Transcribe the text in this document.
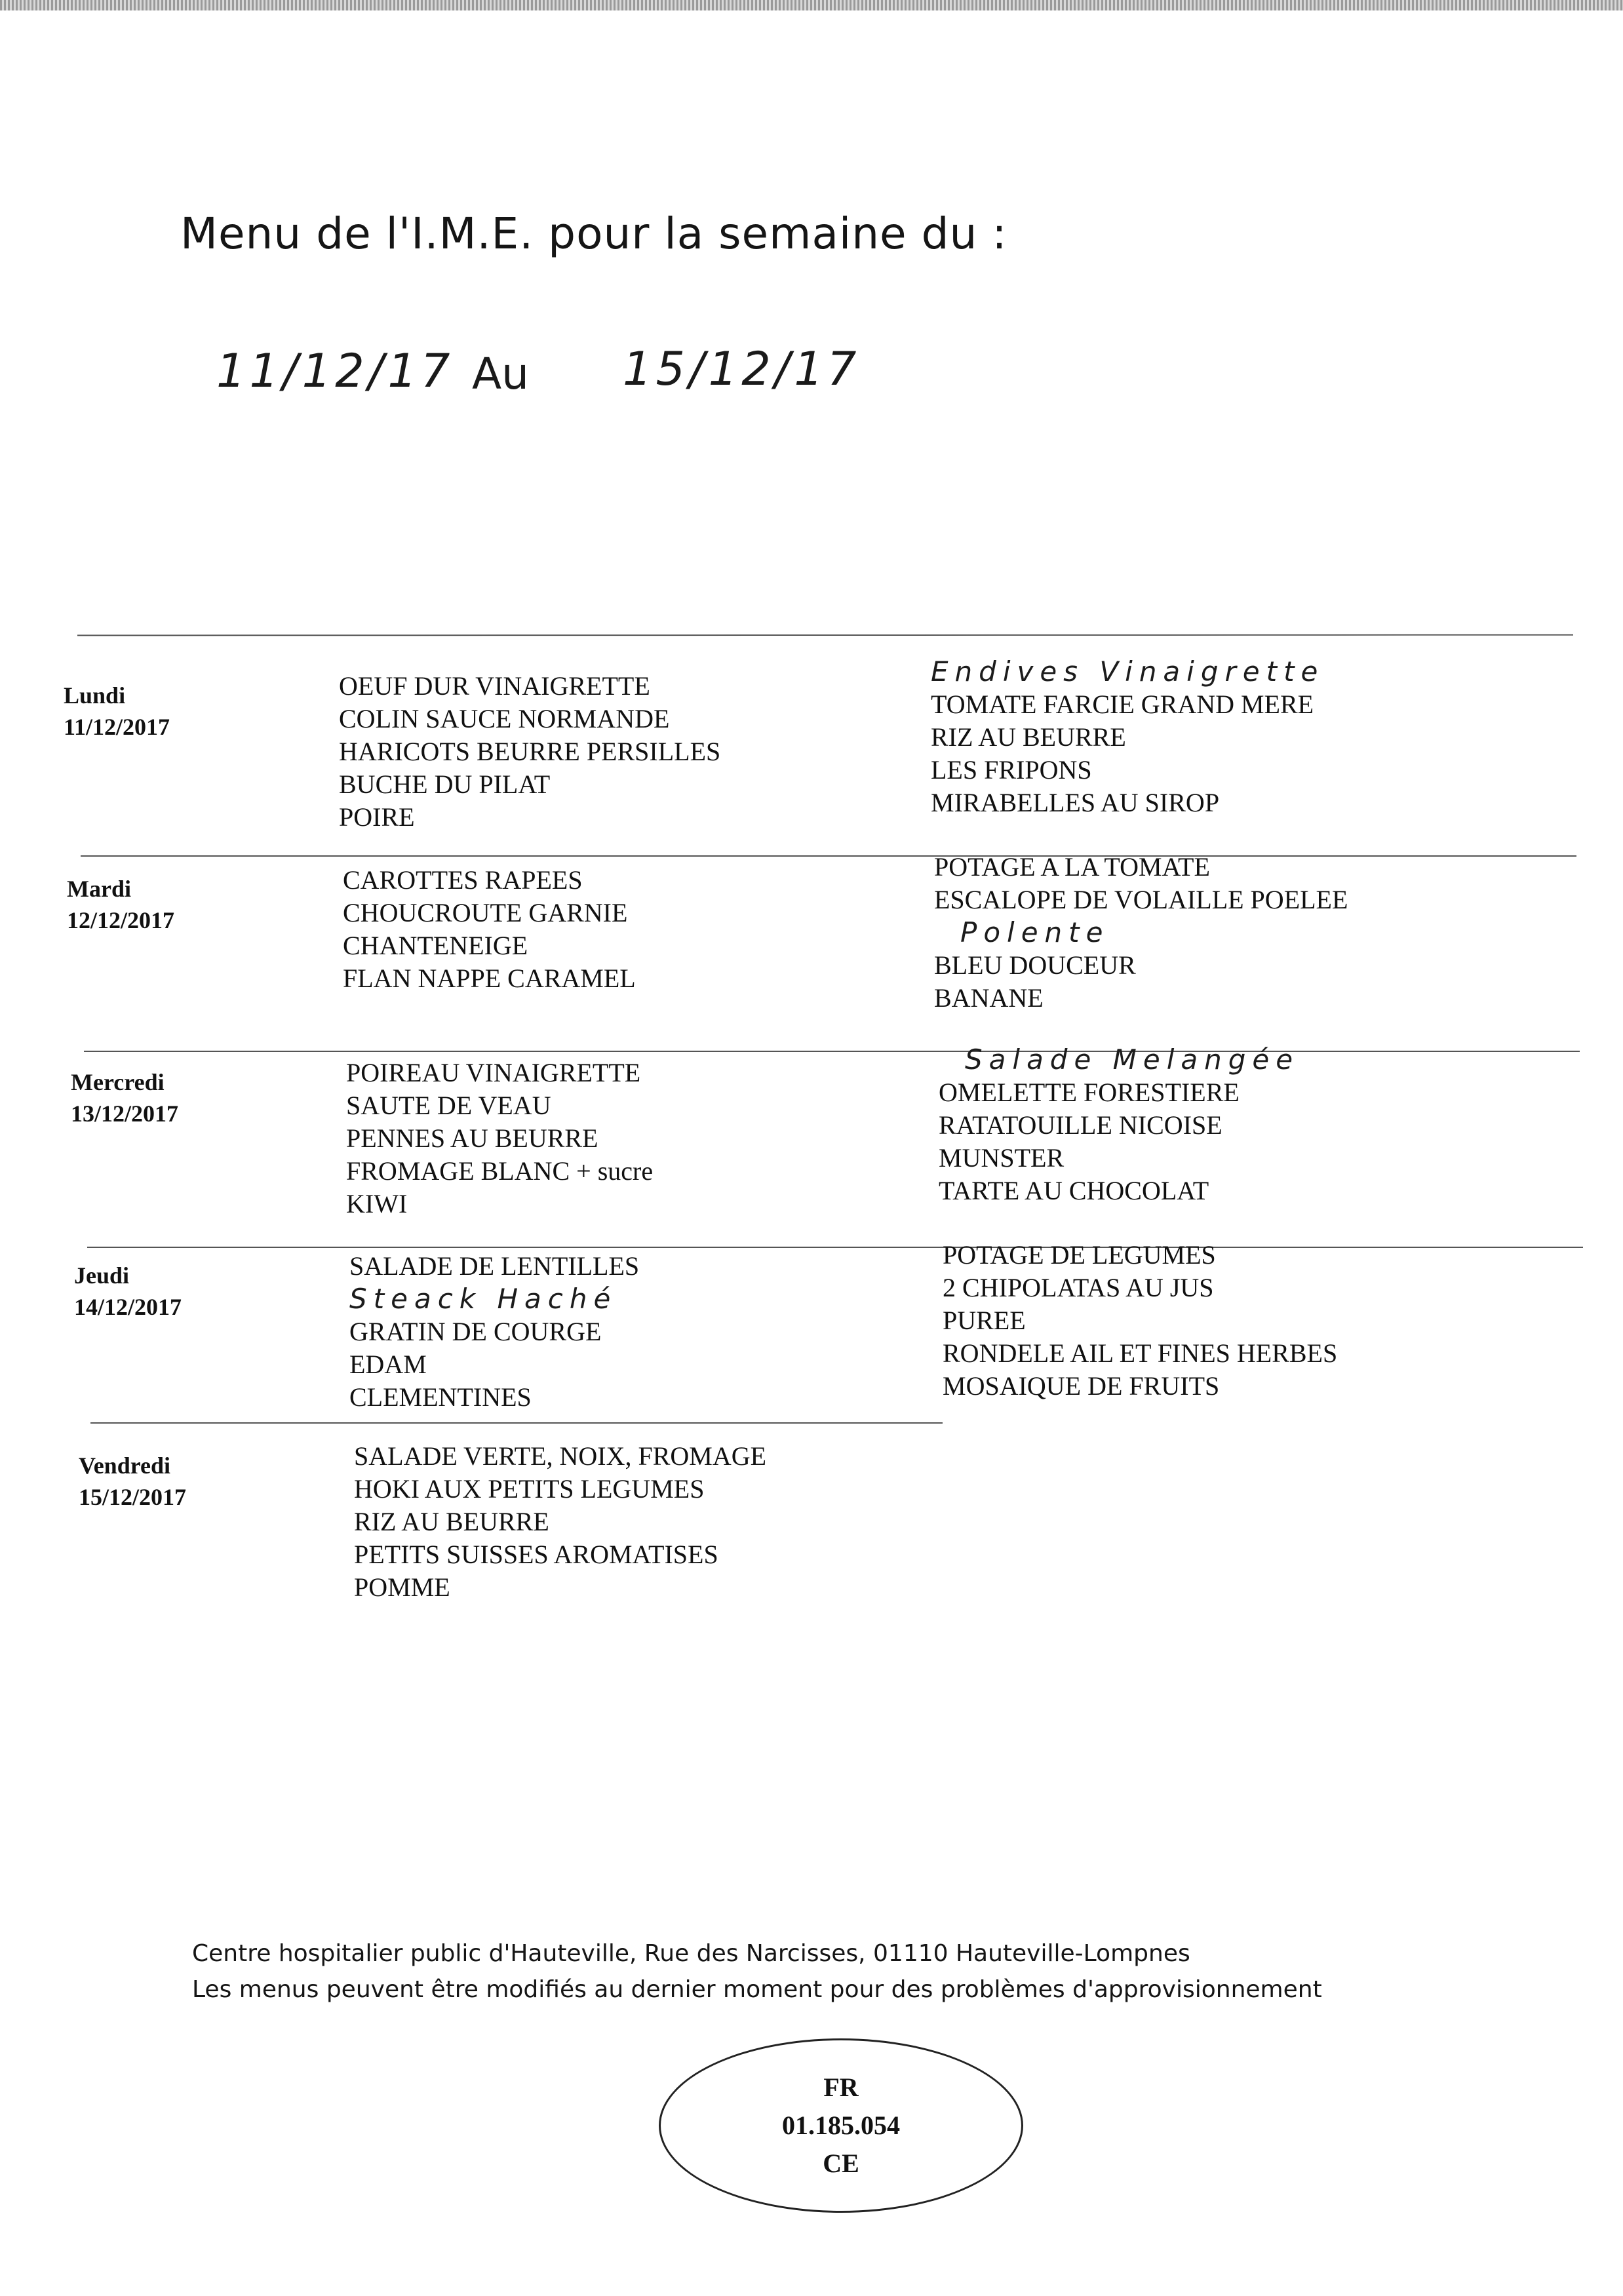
Menu de l'I.M.E. pour la semaine du :
11/12/17 Au 15/12/17
Lundi
11/12/2017
OEUF DUR VINAIGRETTE
COLIN SAUCE NORMANDE
HARICOTS BEURRE PERSILLES
BUCHE DU PILAT
POIRE
Endives Vinaigrette
TOMATE FARCIE GRAND MERE
RIZ AU BEURRE
LES FRIPONS
MIRABELLES AU SIROP
Mardi
12/12/2017
CAROTTES RAPEES
CHOUCROUTE GARNIE
CHANTENEIGE
FLAN NAPPE CARAMEL
POTAGE A LA TOMATE
ESCALOPE DE VOLAILLE POELEE
Polente
BLEU DOUCEUR
BANANE
Mercredi
13/12/2017
POIREAU VINAIGRETTE
SAUTE DE VEAU
PENNES AU BEURRE
FROMAGE BLANC + sucre
KIWI
Salade Melangée
OMELETTE FORESTIERE
RATATOUILLE NICOISE
MUNSTER
TARTE AU CHOCOLAT
Jeudi
14/12/2017
SALADE DE LENTILLES
Steack Haché
GRATIN DE COURGE
EDAM
CLEMENTINES
POTAGE DE LEGUMES
2 CHIPOLATAS AU JUS
PUREE
RONDELE AIL ET FINES HERBES
MOSAIQUE DE FRUITS
Vendredi
15/12/2017
SALADE VERTE, NOIX, FROMAGE
HOKI AUX PETITS LEGUMES
RIZ AU BEURRE
PETITS SUISSES AROMATISES
POMME
Centre hospitalier public d'Hauteville, Rue des Narcisses, 01110 Hauteville-Lompnes
Les menus peuvent être modifiés au dernier moment pour des problèmes d'approvisionnement
FR
01.185.054
CE
